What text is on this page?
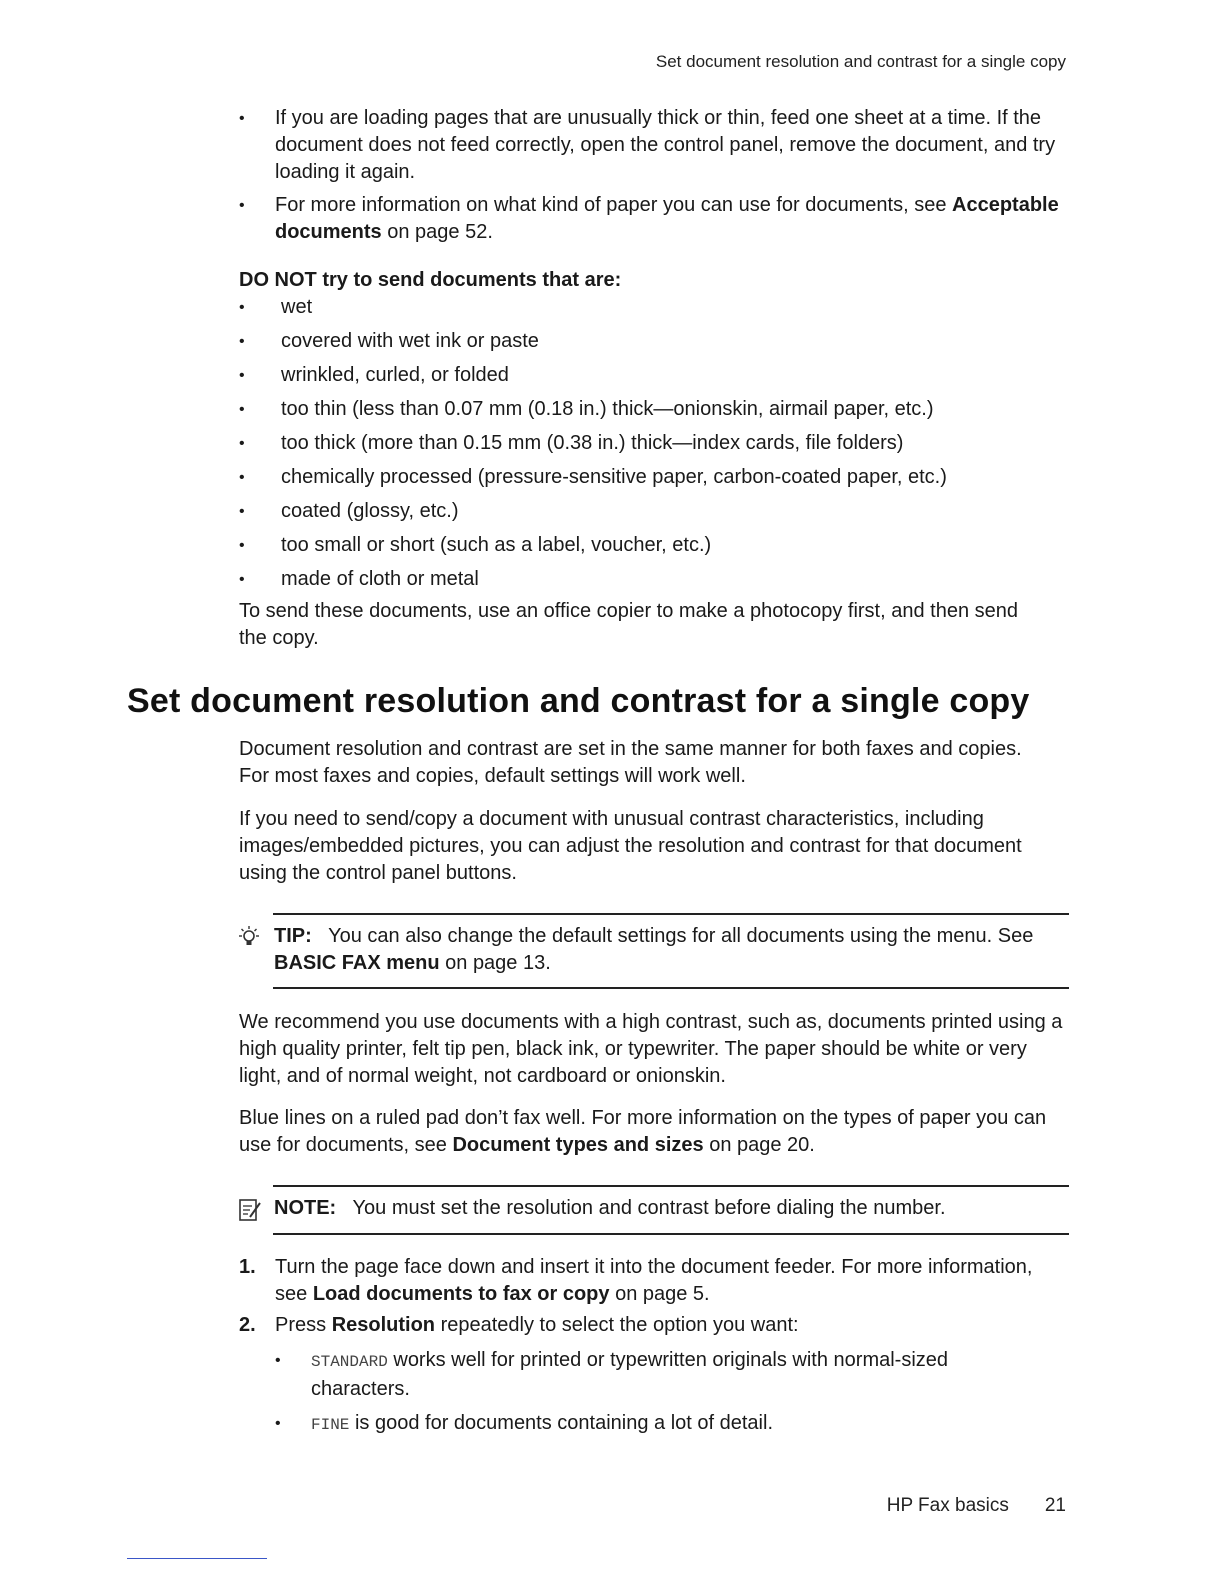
Set document resolution and contrast for a single copy
• If you are loading pages that are unusually thick or thin, feed one sheet at a time. If the document does not feed correctly, open the control panel, remove the document, and try loading it again.
• For more information on what kind of paper you can use for documents, see Acceptable documents on page 52.
DO NOT try to send documents that are:
• wet
• covered with wet ink or paste
• wrinkled, curled, or folded
• too thin (less than 0.07 mm (0.18 in.) thick—onionskin, airmail paper, etc.)
• too thick (more than 0.15 mm (0.38 in.) thick—index cards, file folders)
• chemically processed (pressure-sensitive paper, carbon-coated paper, etc.)
• coated (glossy, etc.)
• too small or short (such as a label, voucher, etc.)
• made of cloth or metal
To send these documents, use an office copier to make a photocopy first, and then send the copy.
Set document resolution and contrast for a single copy
Document resolution and contrast are set in the same manner for both faxes and copies. For most faxes and copies, default settings will work well.
If you need to send/copy a document with unusual contrast characteristics, including images/embedded pictures, you can adjust the resolution and contrast for that document using the control panel buttons.
TIP: You can also change the default settings for all documents using the menu. See BASIC FAX menu on page 13.
We recommend you use documents with a high contrast, such as, documents printed using a high quality printer, felt tip pen, black ink, or typewriter. The paper should be white or very light, and of normal weight, not cardboard or onionskin.
Blue lines on a ruled pad don’t fax well. For more information on the types of paper you can use for documents, see Document types and sizes on page 20.
NOTE: You must set the resolution and contrast before dialing the number.
1. Turn the page face down and insert it into the document feeder. For more information, see Load documents to fax or copy on page 5.
2. Press Resolution repeatedly to select the option you want:
• STANDARD works well for printed or typewritten originals with normal-sized characters.
• FINE is good for documents containing a lot of detail.
HP Fax basics 21
